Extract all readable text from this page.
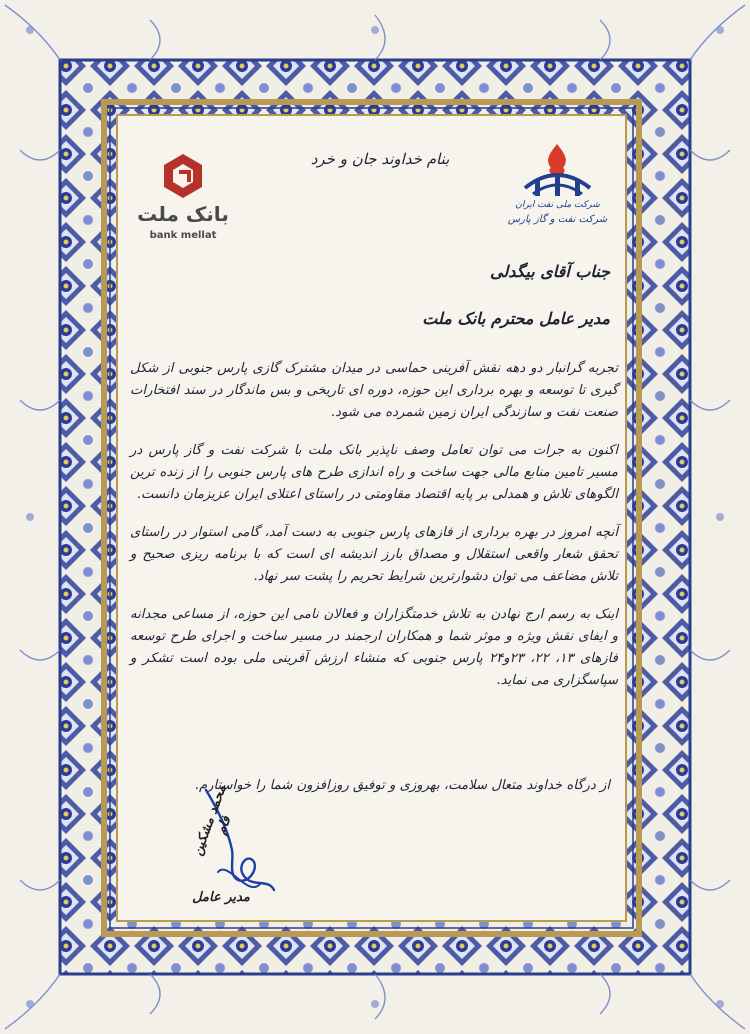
بنام خداوند جان و خرد
بانک ملت
bank mellat
شرکت ملی نفت ایران
شرکت نفت و گاز پارس
جناب آقای بیگدلی
مدیر عامل محترم بانک ملت

تجربه گرانبار دو دهه نقش آفرینی حماسی در میدان مشترک گازی پارس جنوبی از شکل گیری تا توسعه و بهره برداری این حوزه، دوره ای تاریخی و بس ماندگار در سند افتخارات صنعت نفت و سازندگی ایران زمین شمرده می شود.

اکنون به جرات می توان تعامل وصف ناپذیر بانک ملت با شرکت نفت و گاز پارس در مسیر تامین منابع مالی جهت ساخت و راه اندازی طرح های پارس جنوبی را از زنده ترین الگوهای تلاش و همدلی بر پایه اقتصاد مقاومتی در راستای اعتلای ایران عزیزمان دانست.

آنچه امروز در بهره برداری از فازهای پارس جنوبی به دست آمد، گامی استوار در راستای تحقق شعار واقعی استقلال و مصداق بارز اندیشه ای است که با برنامه ریزی صحیح و تلاش مضاعف می توان دشوارترین شرایط تحریم را پشت سر نهاد.

اینک به رسم ارج نهادن به تلاش خدمتگزاران و فعالان نامی این حوزه، از مساعی مجدانه و ایفای نقش ویژه و موثر شما و همکاران ارجمند در مسیر ساخت و اجرای طرح توسعه فازهای ۱۳، ۲۲، ۲۳و۲۴ پارس جنوبی که منشاء ارزش آفرینی ملی بوده است تشکر و سپاسگزاری می نماید.

از درگاه خداوند متعال سلامت، بهروزی و توفیق روزافزون شما را خواستارم.
محمد مشکین فام
مدیر عامل
